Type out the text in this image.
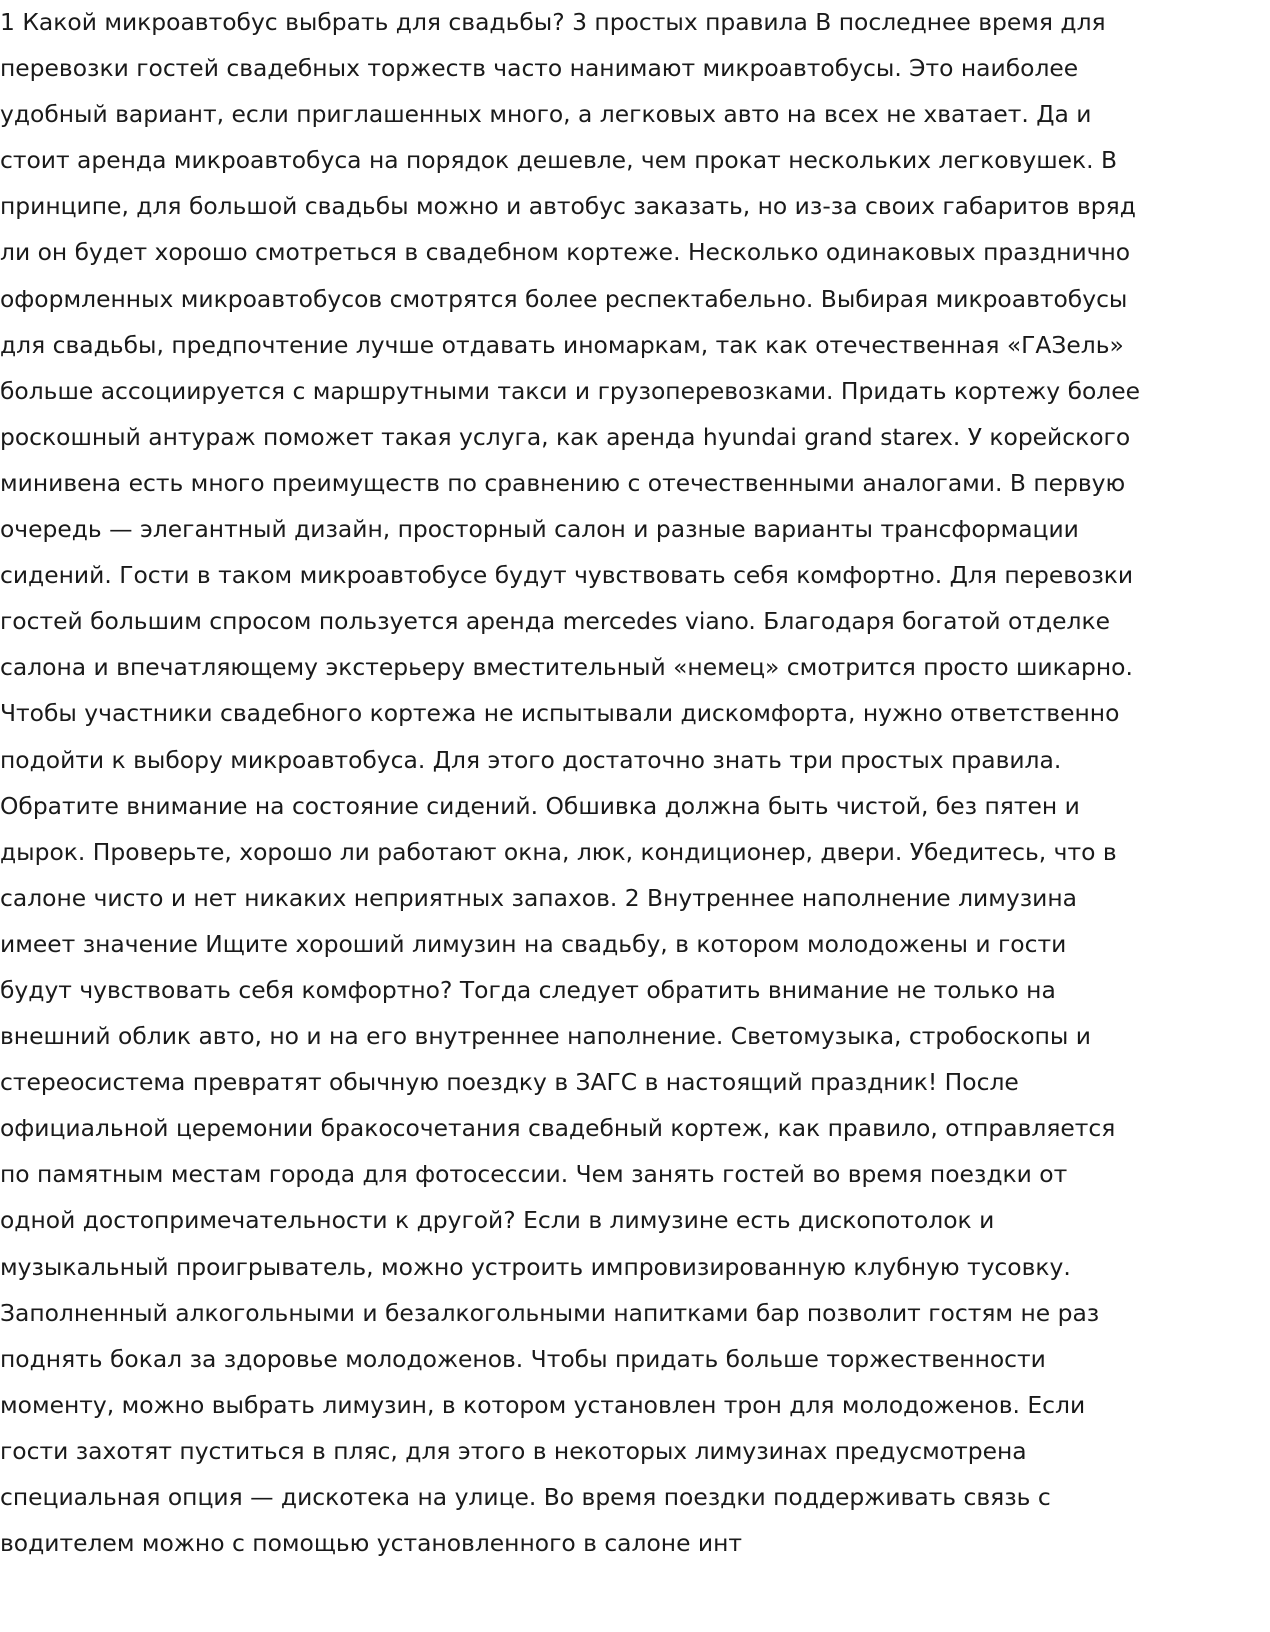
1 Какой микроавтобус выбрать для свадьбы? 3 простых правила В последнее время для
перевозки гостей свадебных торжеств часто нанимают микроавтобусы. Это наиболее
удобный вариант, если приглашенных много, а легковых авто на всех не хватает. Да и
стоит аренда микроавтобуса на порядок дешевле, чем прокат нескольких легковушек. В
принципе, для большой свадьбы можно и автобус заказать, но из-за своих габаритов вряд
ли он будет хорошо смотреться в свадебном кортеже. Несколько одинаковых празднично
оформленных микроавтобусов смотрятся более респектабельно. Выбирая микроавтобусы
для свадьбы, предпочтение лучше отдавать иномаркам, так как отечественная «ГАЗель»
больше ассоциируется с маршрутными такси и грузоперевозками. Придать кортежу более
роскошный антураж поможет такая услуга, как аренда hyundai grand starex. У корейского
минивена есть много преимуществ по сравнению с отечественными аналогами. В первую
очередь — элегантный дизайн, просторный салон и разные варианты трансформации
сидений. Гости в таком микроавтобусе будут чувствовать себя комфортно. Для перевозки
гостей большим спросом пользуется аренда mercedes viano. Благодаря богатой отделке
салона и впечатляющему экстерьеру вместительный «немец» смотрится просто шикарно.
Чтобы участники свадебного кортежа не испытывали дискомфорта, нужно ответственно
подойти к выбору микроавтобуса. Для этого достаточно знать три простых правила.
Обратите внимание на состояние сидений. Обшивка должна быть чистой, без пятен и
дырок. Проверьте, хорошо ли работают окна, люк, кондиционер, двери. Убедитесь, что в
салоне чисто и нет никаких неприятных запахов. 2 Внутреннее наполнение лимузина
имеет значение Ищите хороший лимузин на свадьбу, в котором молодожены и гости
будут чувствовать себя комфортно? Тогда следует обратить внимание не только на
внешний облик авто, но и на его внутреннее наполнение. Светомузыка, стробоскопы и
стереосистема превратят обычную поездку в ЗАГС в настоящий праздник! После
официальной церемонии бракосочетания свадебный кортеж, как правило, отправляется
по памятным местам города для фотосессии. Чем занять гостей во время поездки от
одной достопримечательности к другой? Если в лимузине есть дископотолок и
музыкальный проигрыватель, можно устроить импровизированную клубную тусовку.
Заполненный алкогольными и безалкогольными напитками бар позволит гостям не раз
поднять бокал за здоровье молодоженов. Чтобы придать больше торжественности
моменту, можно выбрать лимузин, в котором установлен трон для молодоженов. Если
гости захотят пуститься в пляс, для этого в некоторых лимузинах предусмотрена
специальная опция — дискотека на улице. Во время поездки поддерживать связь с
водителем можно с помощью установленного в салоне инт
